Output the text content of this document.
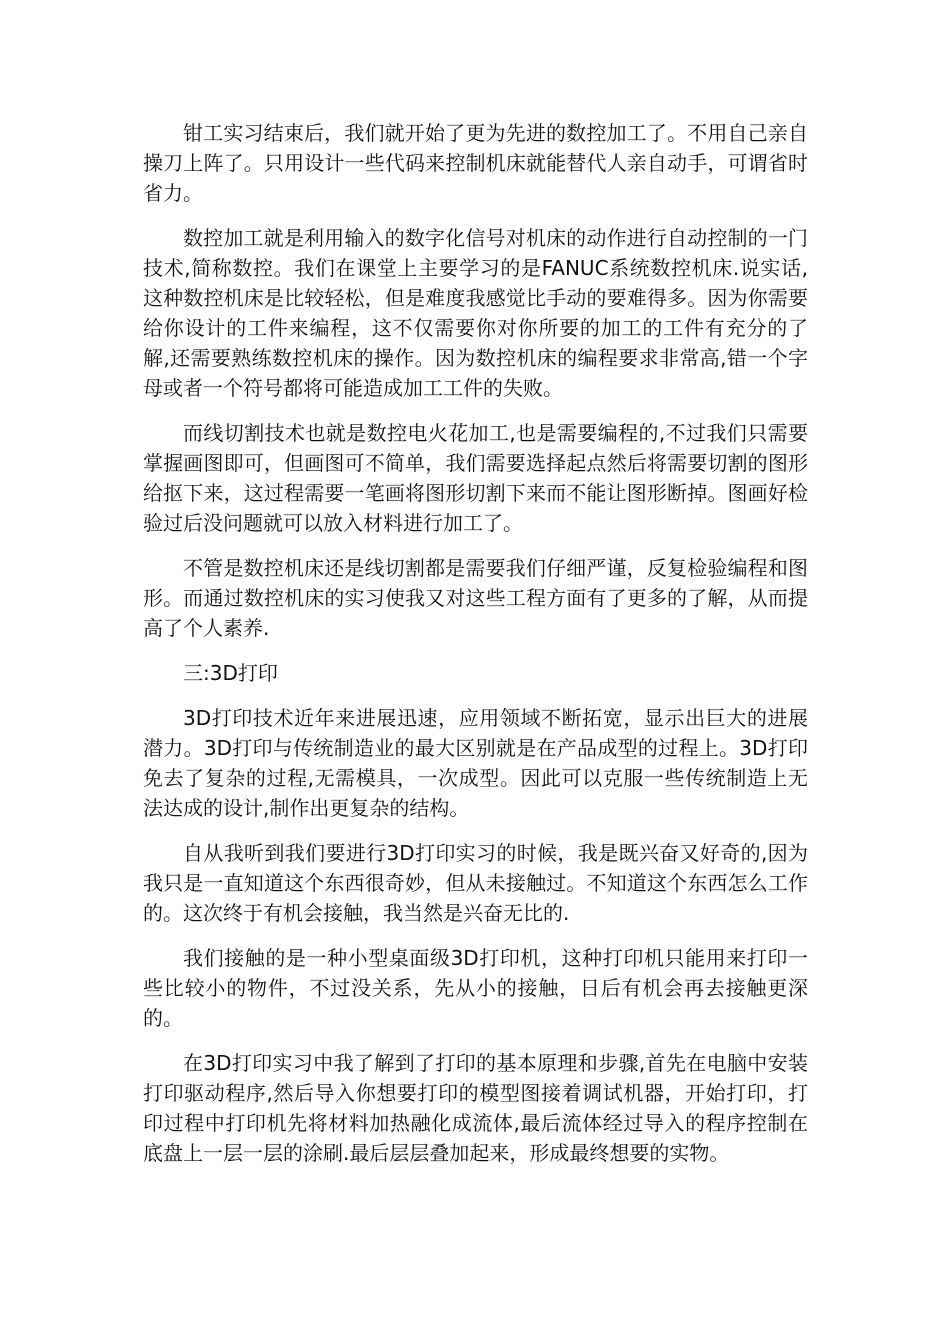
钳工实习结束后，我们就开始了更为先进的数控加工了。不用自己亲自操刀上阵了。只用设计一些代码来控制机床就能替代人亲自动手，可谓省时省力。

数控加工就是利用输入的数字化信号对机床的动作进行自动控制的一门技术,简称数控。我们在课堂上主要学习的是FANUC系统数控机床.说实话,这种数控机床是比较轻松，但是难度我感觉比手动的要难得多。因为你需要给你设计的工件来编程，这不仅需要你对你所要的加工的工件有充分的了解,还需要熟练数控机床的操作。因为数控机床的编程要求非常高,错一个字母或者一个符号都将可能造成加工工件的失败。

而线切割技术也就是数控电火花加工,也是需要编程的,不过我们只需要掌握画图即可，但画图可不简单，我们需要选择起点然后将需要切割的图形给抠下来，这过程需要一笔画将图形切割下来而不能让图形断掉。图画好检验过后没问题就可以放入材料进行加工了。

不管是数控机床还是线切割都是需要我们仔细严谨，反复检验编程和图形。而通过数控机床的实习使我又对这些工程方面有了更多的了解，从而提高了个人素养.

三:3D打印

3D打印技术近年来进展迅速，应用领域不断拓宽，显示出巨大的进展潜力。3D打印与传统制造业的最大区别就是在产品成型的过程上。3D打印免去了复杂的过程,无需模具，一次成型。因此可以克服一些传统制造上无法达成的设计,制作出更复杂的结构。

自从我听到我们要进行3D打印实习的时候，我是既兴奋又好奇的,因为我只是一直知道这个东西很奇妙，但从未接触过。不知道这个东西怎么工作的。这次终于有机会接触，我当然是兴奋无比的.

我们接触的是一种小型桌面级3D打印机，这种打印机只能用来打印一些比较小的物件，不过没关系，先从小的接触，日后有机会再去接触更深的。

在3D打印实习中我了解到了打印的基本原理和步骤,首先在电脑中安装打印驱动程序,然后导入你想要打印的模型图接着调试机器，开始打印，打印过程中打印机先将材料加热融化成流体,最后流体经过导入的程序控制在底盘上一层一层的涂刷.最后层层叠加起来，形成最终想要的实物。
